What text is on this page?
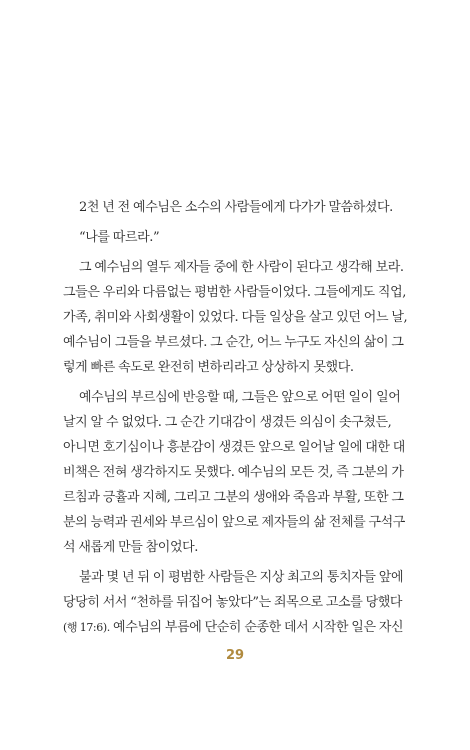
2천 년 전 예수님은 소수의 사람들에게 다가가 말씀하셨다.

“나를 따르라.”

그 예수님의 열두 제자들 중에 한 사람이 된다고 생각해 보라.
그들은 우리와 다름없는 평범한 사람들이었다. 그들에게도 직업,
가족, 취미와 사회생활이 있었다. 다들 일상을 살고 있던 어느 날,
예수님이 그들을 부르셨다. 그 순간, 어느 누구도 자신의 삶이 그
렇게 빠른 속도로 완전히 변하리라고 상상하지 못했다.

예수님의 부르심에 반응할 때, 그들은 앞으로 어떤 일이 일어
날지 알 수 없었다. 그 순간 기대감이 생겼든 의심이 솟구쳤든,
아니면 호기심이나 흥분감이 생겼든 앞으로 일어날 일에 대한 대
비책은 전혀 생각하지도 못했다. 예수님의 모든 것, 즉 그분의 가
르침과 긍휼과 지혜, 그리고 그분의 생애와 죽음과 부활, 또한 그
분의 능력과 권세와 부르심이 앞으로 제자들의 삶 전체를 구석구
석 새롭게 만들 참이었다.

불과 몇 년 뒤 이 평범한 사람들은 지상 최고의 통치자들 앞에
당당히 서서 “천하를 뒤집어 놓았다”는 죄목으로 고소를 당했다
(행 17:6). 예수님의 부름에 단순히 순종한 데서 시작한 일은 자신

29
